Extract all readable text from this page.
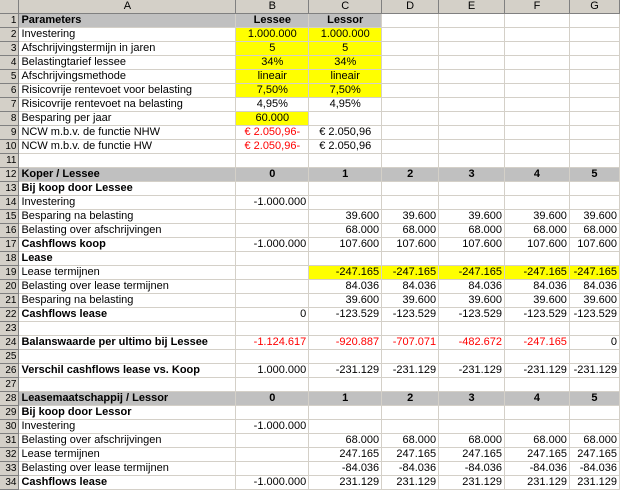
	A	B	C	D	E	F	G
1	Parameters	Lessee	Lessor				
2	Investering	1.000.000	1.000.000				
3	Afschrijvingstermijn in jaren	5	5				
4	Belastingtarief lessee	34%	34%				
5	Afschrijvingsmethode	lineair	lineair				
6	Risicovrije rentevoet voor belasting	7,50%	7,50%				
7	Risicovrije rentevoet na belasting	4,95%	4,95%				
8	Besparing per jaar	60.000					
9	NCW m.b.v. de functie NHW	€ 2.050,96-	€ 2.050,96				
10	NCW m.b.v. de functie HW	€ 2.050,96-	€ 2.050,96				
11							
12	Koper / Lessee	0	1	2	3	4	5
13	Bij koop door Lessee						
14	Investering	-1.000.000					
15	Besparing na belasting		39.600	39.600	39.600	39.600	39.600
16	Belasting over afschrijvingen		68.000	68.000	68.000	68.000	68.000
17	Cashflows koop	-1.000.000	107.600	107.600	107.600	107.600	107.600
18	Lease						
19	Lease termijnen		-247.165	-247.165	-247.165	-247.165	-247.165
20	Belasting over lease termijnen		84.036	84.036	84.036	84.036	84.036
21	Besparing na belasting		39.600	39.600	39.600	39.600	39.600
22	Cashflows lease	0	-123.529	-123.529	-123.529	-123.529	-123.529
23							
24	Balanswaarde per ultimo bij Lessee	-1.124.617	-920.887	-707.071	-482.672	-247.165	0
25							
26	Verschil cashflows lease vs. Koop	1.000.000	-231.129	-231.129	-231.129	-231.129	-231.129
27							
28	Leasemaatschappij / Lessor	0	1	2	3	4	5
29	Bij koop door Lessor						
30	Investering	-1.000.000					
31	Belasting over afschrijvingen		68.000	68.000	68.000	68.000	68.000
32	Lease termijnen		247.165	247.165	247.165	247.165	247.165
33	Belasting over lease termijnen		-84.036	-84.036	-84.036	-84.036	-84.036
34	Cashflows lease	-1.000.000	231.129	231.129	231.129	231.129	231.129
